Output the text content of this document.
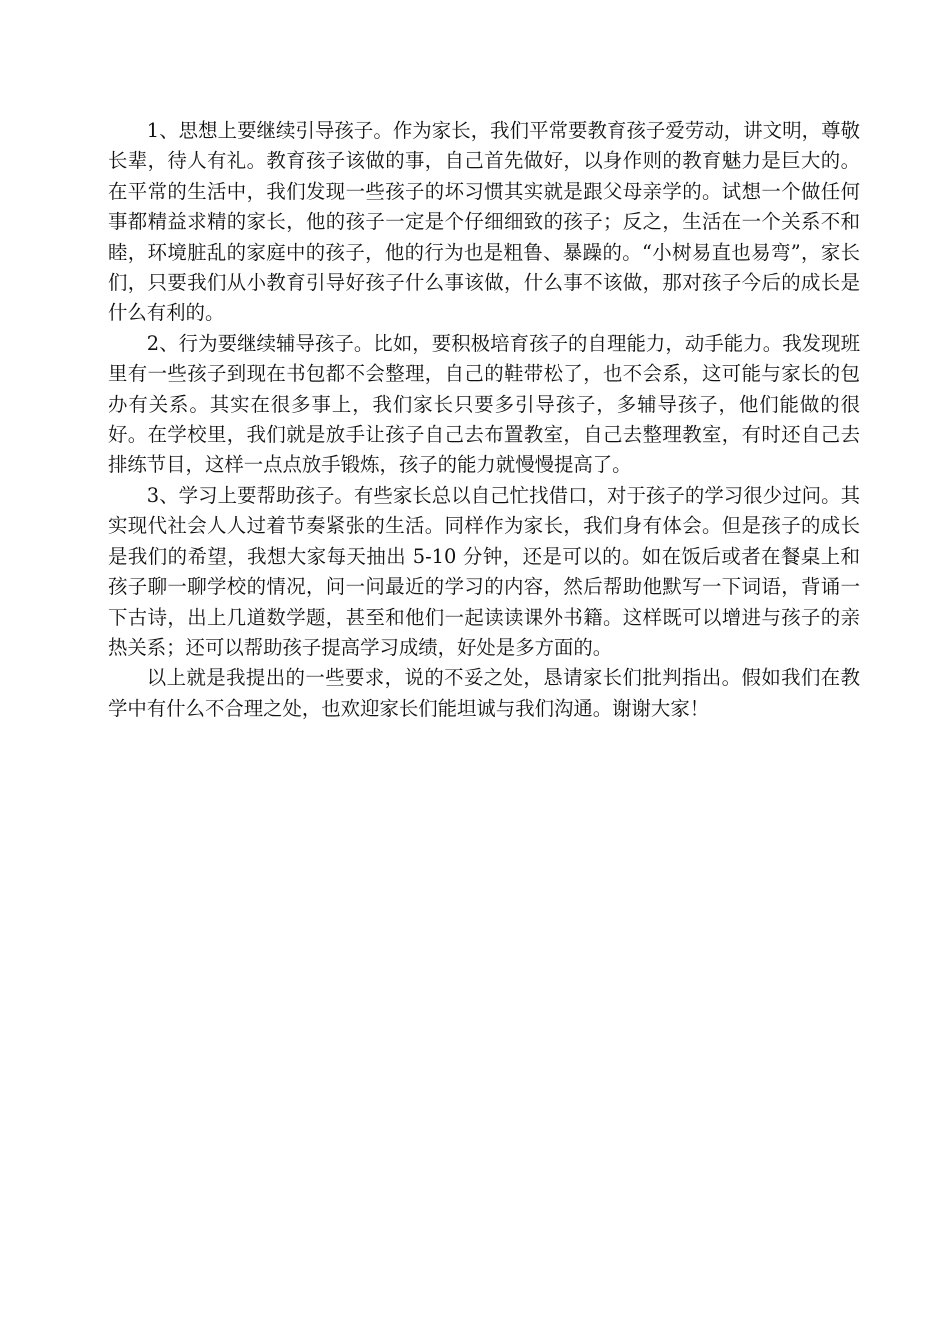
1、思想上要继续引导孩子。作为家长，我们平常要教育孩子爱劳动，讲文明，尊敬长辈，待人有礼。教育孩子该做的事，自己首先做好，以身作则的教育魅力是巨大的。在平常的生活中，我们发现一些孩子的坏习惯其实就是跟父母亲学的。试想一个做任何事都精益求精的家长，他的孩子一定是个仔细细致的孩子；反之，生活在一个关系不和睦，环境脏乱的家庭中的孩子，他的行为也是粗鲁、暴躁的。“小树易直也易弯”，家长们，只要我们从小教育引导好孩子什么事该做，什么事不该做，那对孩子今后的成长是什么有利的。

2、行为要继续辅导孩子。比如，要积极培育孩子的自理能力，动手能力。我发现班里有一些孩子到现在书包都不会整理，自己的鞋带松了，也不会系，这可能与家长的包办有关系。其实在很多事上，我们家长只要多引导孩子，多辅导孩子，他们能做的很好。在学校里，我们就是放手让孩子自己去布置教室，自己去整理教室，有时还自己去排练节目，这样一点点放手锻炼，孩子的能力就慢慢提高了。

3、学习上要帮助孩子。有些家长总以自己忙找借口，对于孩子的学习很少过问。其实现代社会人人过着节奏紧张的生活。同样作为家长，我们身有体会。但是孩子的成长是我们的希望，我想大家每天抽出 5-10 分钟，还是可以的。如在饭后或者在餐桌上和孩子聊一聊学校的情况，问一问最近的学习的内容，然后帮助他默写一下词语，背诵一下古诗，出上几道数学题，甚至和他们一起读读课外书籍。这样既可以增进与孩子的亲热关系；还可以帮助孩子提高学习成绩，好处是多方面的。

以上就是我提出的一些要求，说的不妥之处，恳请家长们批判指出。假如我们在教学中有什么不合理之处，也欢迎家长们能坦诚与我们沟通。谢谢大家！
